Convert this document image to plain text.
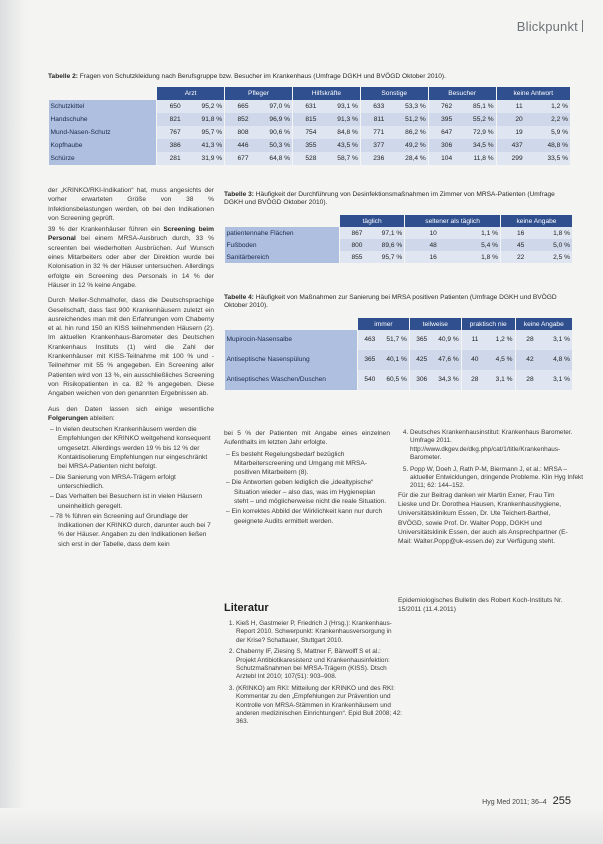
Blickpunkt

Tabelle 2: Fragen von Schutzkleidung nach Berufsgruppe bzw. Besucher im Krankenhaus (Umfrage DGKH und BVÖGD Oktober 2010).

	Arzt		Pfleger		Hilfskräfte		Sonstige		Besucher		keine Antwort	
Schutzkittel	650	95,2 %	665	97,0 %	631	93,1 %	633	53,3 %	762	85,1 %	11	1,2 %
Handschuhe	821	91,8 %	852	96,9 %	815	91,3 %	811	51,2 %	395	55,2 %	20	2,2 %
Mund-Nasen-Schutz	767	95,7 %	808	90,6 %	754	84,8 %	771	86,2 %	647	72,9 %	19	5,9 %
Kopfhaube	386	41,3 %	446	50,3 %	355	43,5 %	377	49,2 %	306	34,5 %	437	48,8 %
Schürze	281	31,9 %	677	64,8 %	528	58,7 %	236	28,4 %	104	11,8 %	299	33,5 %

Tabelle 3: Häufigkeit der Durchführung von Desinfektionsmaßnahmen im Zimmer von MRSA-Patienten (Umfrage DGKH und BVÖGD Oktober 2010).

	täglich		seltener als täglich		keine Angabe	
patientennahe Flächen	867	97,1 %	10	1,1 %	16	1,8 %
Fußboden	800	89,6 %	48	5,4 %	45	5,0 %
Sanitärbereich	855	95,7 %	16	1,8 %	22	2,5 %

Tabelle 4: Häufigkeit von Maßnahmen zur Sanierung bei MRSA positiven Patienten (Umfrage DGKH und BVÖGD Oktober 2010).

	immer		teilweise		praktisch nie		keine Angabe	
Mupirocin-Nasensalbe	463	51,7 %	365	40,9 %	11	1,2 %	28	3,1 %
Antiseptische Nasenspülung	365	40,1 %	425	47,6 %	40	4,5 %	42	4,8 %
Antiseptisches Waschen/Duschen	540	60,5 %	306	34,3 %	28	3,1 %	28	3,1 %

der „KRINKO/RKI-Indikation“ hat, muss angesichts der vorher erwarteten Größe von 38 % Infektionsbelastungen werden, ob bei den Indikationen von Screening geprüft.

39 % der Krankenhäuser führen ein Screening beim Personal bei einem MRSA-Ausbruch durch, 33 % screenten bei wiederholten Ausbrüchen. Auf Wunsch eines Mitarbeiters oder aber der Direktion wurde bei Kolonisation in 32 % der Häuser untersuchen. Allerdings erfolgte ein Screening des Personals in 14 % der Häuser in 12 % keine Angabe.

Durch Meller-Schmalhofer, dass die Deutschsprachige Gesellschaft, dass fast 900 Krankenhäusern zuletzt ein ausreichendes man mit den Erfahrungen vom Chaberny et al. hin rund 150 an KISS teilnehmenden Häusern (2). Im aktuellen Krankenhaus-Barometer des Deutschen Krankenhaus Instituts (1) wird die Zahl der Krankenhäuser mit KISS-Teilnahme mit 100 % und -Teilnehmer mit 55 % angegeben. Ein Screening aller Patienten wird von 13 %, ein ausschließliches Screening von Risikopatienten in ca. 82 % angegeben. Diese Angaben weichen von den genannten Ergebnissen ab.

Aus den Daten lassen sich einige wesentliche Folgerungen ableiten:

– In vielen deutschen Krankenhäusern werden die Empfehlungen der KRINKO weitgehend konsequent umgesetzt. Allerdings werden 19 % bis 12 % der Kontaktisolierung Empfehlungen nur eingeschränkt bei MRSA-Patienten nicht befolgt.
– Die Sanierung von MRSA-Trägern erfolgt unterschiedlich.
– Das Verhalten bei Besuchern ist in vielen Häusern uneinheitlich geregelt.
– 78 % führen ein Screening auf Grundlage der Indikationen der KRINKO durch, darunter auch bei 7 % der Häuser. Angaben zu den Indikationen ließen sich erst in der Tabelle, dass dem kein

bei 5 % der Patienten mit Angabe eines einzelnen Aufenthalts im letzten Jahr erfolgte.

– Es besteht Regelungsbedarf bezüglich Mitarbeiterscreening und Umgang mit MRSA-positiven Mitarbeitern (8).
– Die Antworten geben lediglich die „idealtypische“ Situation wieder – also das, was im Hygieneplan steht – und möglicherweise nicht die reale Situation.
– Ein korrektes Abbild der Wirklichkeit kann nur durch geeignete Audits ermittelt werden.
Literatur
1. Kieß H, Gastmeier P, Friedrich J (Hrsg.): Krankenhaus-Report 2010. Schwerpunkt: Krankenhausversorgung in der Krise? Schattauer, Stuttgart 2010.
2. Chaberny IF, Ziesing S, Mattner F, Bärwolff S et al.: Projekt Antibiotikaresistenz und Krankenhausinfektion: Schutzmaßnahmen bei MRSA-Trägern (KISS). Dtsch Arztebl Int 2010; 107(51): 903–908.
3. (KRINKO) am RKI: Mitteilung der KRINKO und des RKI: Kommentar zu den „Empfehlungen zur Prävention und Kontrolle von MRSA-Stämmen in Krankenhäusern und anderen medizinischen Einrichtungen“. Epid Bull 2008; 42: 363.
4. Deutsches Krankenhausinstitut: Krankenhaus Barometer. Umfrage 2011. http://www.dkgev.de/dkg.php/cat/1/title/Krankenhaus-Barometer.
5. Popp W, Doeh J, Rath P-M, Biermann J, et al.: MRSA – aktueller Entwicklungen, dringende Probleme. Klin Hyg Infekt 2011; 62: 144–152.

Für die zur Beitrag danken wir Martin Exner, Frau Tim Lieske und Dr. Dorothea Hausen, Krankenhaushygiene, Universitätsklinikum Essen, Dr. Ute Teichert-Barthel, BVÖGD, sowie Prof. Dr. Walter Popp, DGKH und Universitätsklinik Essen, der auch als Ansprechpartner (E-Mail: Walter.Popp@uk-essen.de) zur Verfügung steht.

Epidemiologisches Bulletin des Robert Koch-Instituts Nr. 15/2011 (11.4.2011)

Hyg Med 2011; 36–4 255
